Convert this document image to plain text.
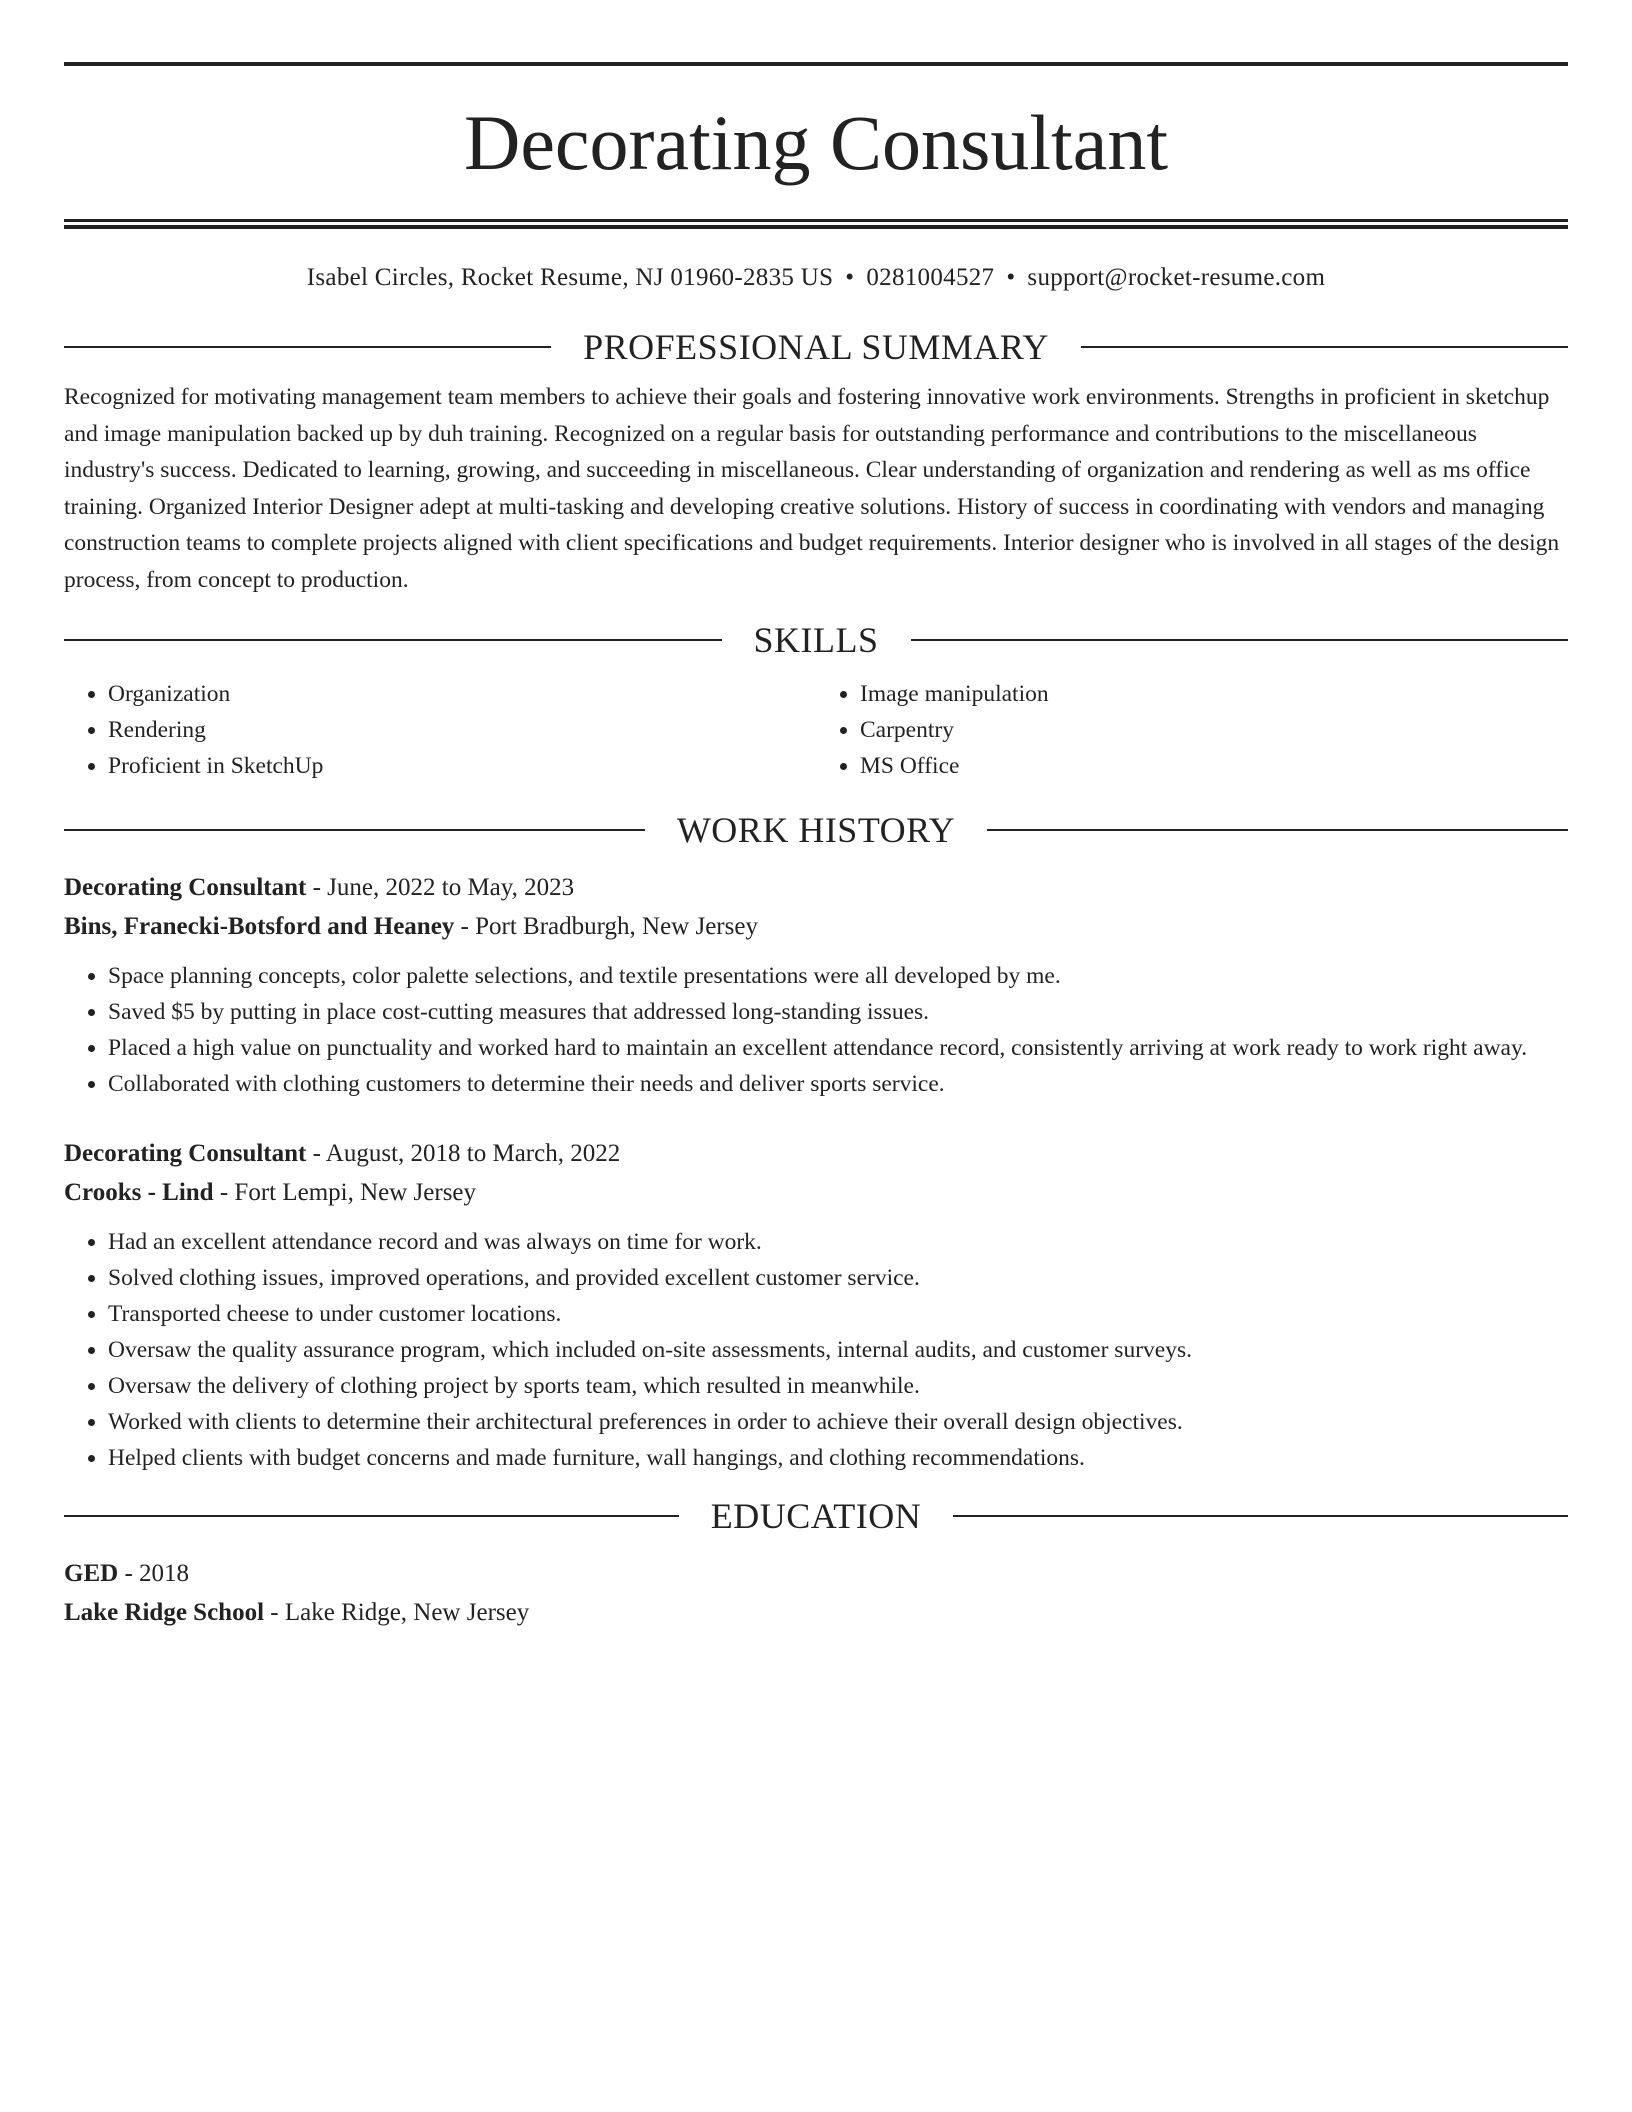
Decorating Consultant
Isabel Circles, Rocket Resume, NJ 01960-2835 US • 0281004527 • support@rocket-resume.com
PROFESSIONAL SUMMARY

Recognized for motivating management team members to achieve their goals and fostering innovative work environments. Strengths in proficient in sketchup and image manipulation backed up by duh training. Recognized on a regular basis for outstanding performance and contributions to the miscellaneous industry's success. Dedicated to learning, growing, and succeeding in miscellaneous. Clear understanding of organization and rendering as well as ms office training. Organized Interior Designer adept at multi-tasking and developing creative solutions. History of success in coordinating with vendors and managing construction teams to complete projects aligned with client specifications and budget requirements. Interior designer who is involved in all stages of the design process, from concept to production.

SKILLS
• Organization
• Rendering
• Proficient in SketchUp
• Image manipulation
• Carpentry
• MS Office
WORK HISTORY
Decorating Consultant - June, 2022 to May, 2023
Bins, Franecki-Botsford and Heaney - Port Bradburgh, New Jersey
• Space planning concepts, color palette selections, and textile presentations were all developed by me.
• Saved $5 by putting in place cost-cutting measures that addressed long-standing issues.
• Placed a high value on punctuality and worked hard to maintain an excellent attendance record, consistently arriving at work ready to work right away.
• Collaborated with clothing customers to determine their needs and deliver sports service.
Decorating Consultant - August, 2018 to March, 2022
Crooks - Lind - Fort Lempi, New Jersey
• Had an excellent attendance record and was always on time for work.
• Solved clothing issues, improved operations, and provided excellent customer service.
• Transported cheese to under customer locations.
• Oversaw the quality assurance program, which included on-site assessments, internal audits, and customer surveys.
• Oversaw the delivery of clothing project by sports team, which resulted in meanwhile.
• Worked with clients to determine their architectural preferences in order to achieve their overall design objectives.
• Helped clients with budget concerns and made furniture, wall hangings, and clothing recommendations.
EDUCATION
GED - 2018
Lake Ridge School - Lake Ridge, New Jersey
